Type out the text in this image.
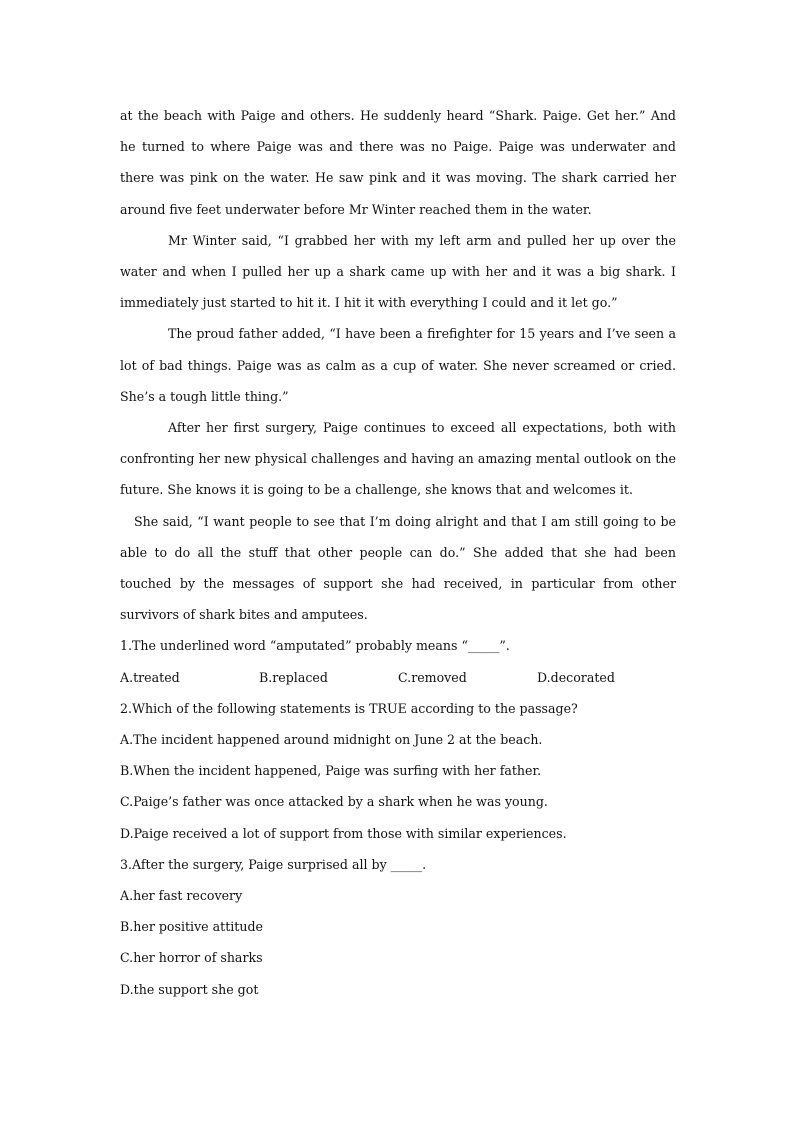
at the beach with Paige and others. He suddenly heard “Shark. Paige. Get her.” And he turned to where Paige was and there was no Paige. Paige was underwater and there was pink on the water. He saw pink and it was moving. The shark carried her around five feet underwater before Mr Winter reached them in the water.

Mr Winter said, “I grabbed her with my left arm and pulled her up over the water and when I pulled her up a shark came up with her and it was a big shark. I immediately just started to hit it. I hit it with everything I could and it let go.”

The proud father added, “I have been a firefighter for 15 years and I’ve seen a lot of bad things. Paige was as calm as a cup of water. She never screamed or cried. She’s a tough little thing.”

After her first surgery, Paige continues to exceed all expectations, both with confronting her new physical challenges and having an amazing mental outlook on the future. She knows it is going to be a challenge, she knows that and welcomes it.

She said, “I want people to see that I’m doing alright and that I am still going to be able to do all the stuff that other people can do.” She added that she had been touched by the messages of support she had received, in particular from other survivors of shark bites and amputees.

1.The underlined word “amputated” probably means “_____”.

A.treated	B.replaced	C.removed	D.decorated

2.Which of the following statements is TRUE according to the passage?

A.The incident happened around midnight on June 2 at the beach.
B.When the incident happened, Paige was surfing with her father.
C.Paige’s father was once attacked by a shark when he was young.
D.Paige received a lot of support from those with similar experiences.

3.After the surgery, Paige surprised all by _____.

A.her fast recovery
B.her positive attitude
C.her horror of sharks
D.the support she got
